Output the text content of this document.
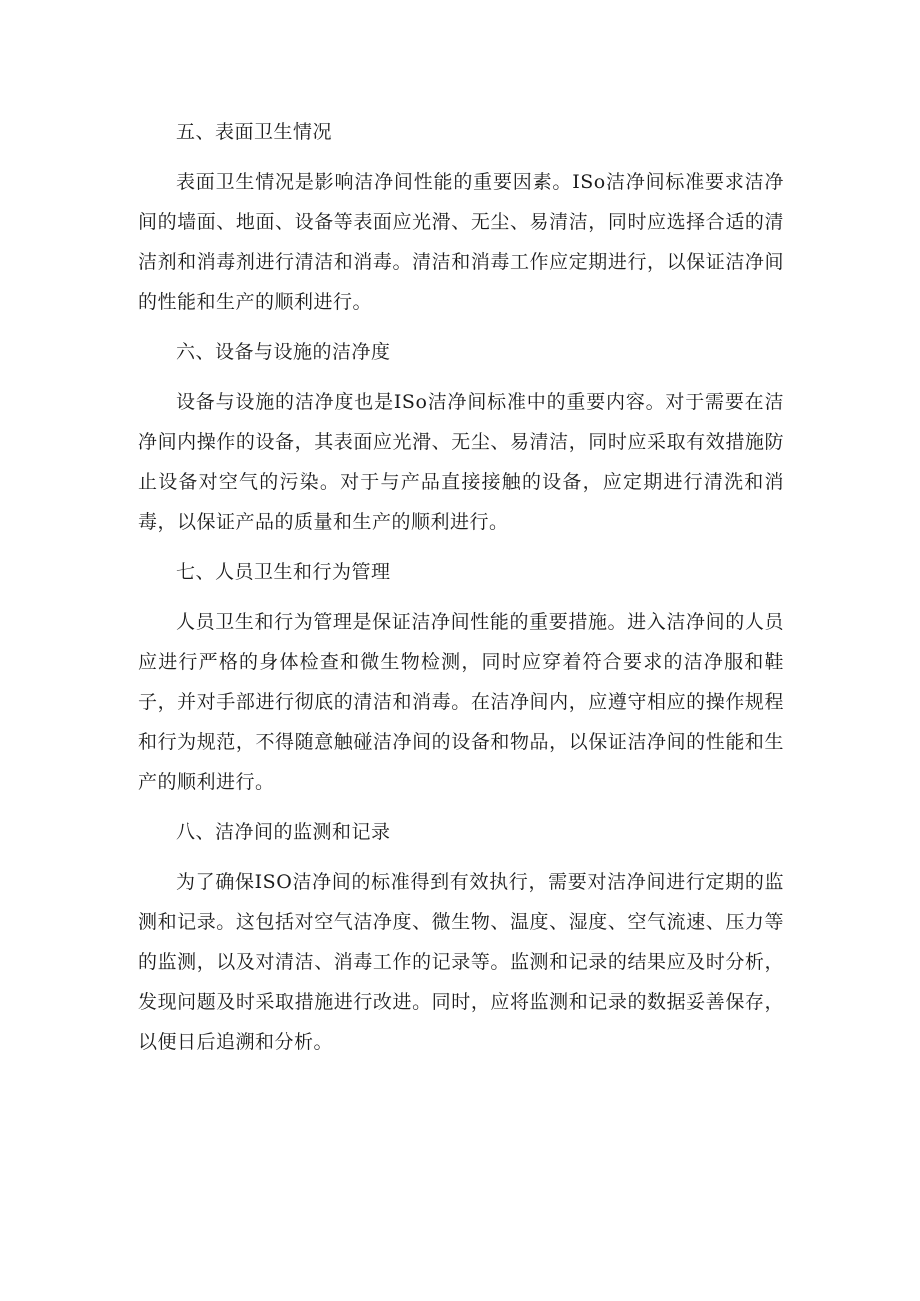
五、表面卫生情况

表面卫生情况是影响洁净间性能的重要因素。ISo洁净间标准要求洁净间的墙面、地面、设备等表面应光滑、无尘、易清洁，同时应选择合适的清洁剂和消毒剂进行清洁和消毒。清洁和消毒工作应定期进行，以保证洁净间的性能和生产的顺利进行。

六、设备与设施的洁净度

设备与设施的洁净度也是ISo洁净间标准中的重要内容。对于需要在洁净间内操作的设备，其表面应光滑、无尘、易清洁，同时应采取有效措施防止设备对空气的污染。对于与产品直接接触的设备，应定期进行清洗和消毒，以保证产品的质量和生产的顺利进行。

七、人员卫生和行为管理

人员卫生和行为管理是保证洁净间性能的重要措施。进入洁净间的人员应进行严格的身体检查和微生物检测，同时应穿着符合要求的洁净服和鞋子，并对手部进行彻底的清洁和消毒。在洁净间内，应遵守相应的操作规程和行为规范，不得随意触碰洁净间的设备和物品，以保证洁净间的性能和生产的顺利进行。

八、洁净间的监测和记录

为了确保ISO洁净间的标准得到有效执行，需要对洁净间进行定期的监测和记录。这包括对空气洁净度、微生物、温度、湿度、空气流速、压力等的监测，以及对清洁、消毒工作的记录等。监测和记录的结果应及时分析，发现问题及时采取措施进行改进。同时，应将监测和记录的数据妥善保存，以便日后追溯和分析。
